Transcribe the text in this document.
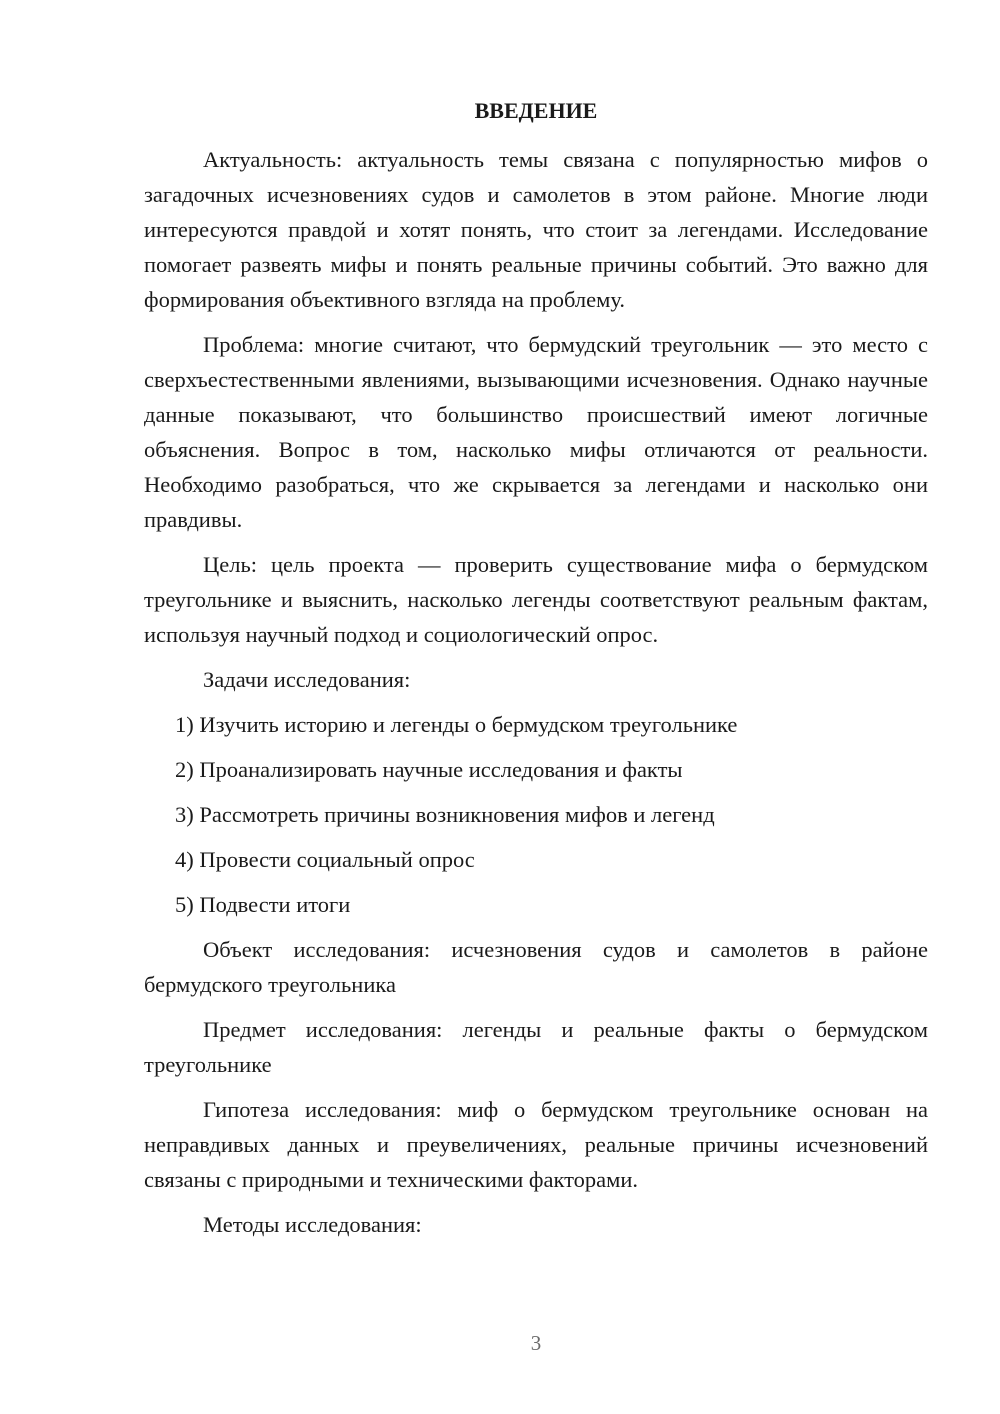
ВВЕДЕНИЕ

Актуальность: актуальность темы связана с популярностью мифов о загадочных исчезновениях судов и самолетов в этом районе. Многие люди интересуются правдой и хотят понять, что стоит за легендами. Исследование помогает развеять мифы и понять реальные причины событий. Это важно для формирования объективного взгляда на проблему.

Проблема: многие считают, что бермудский треугольник — это место с сверхъестественными явлениями, вызывающими исчезновения. Однако научные данные показывают, что большинство происшествий имеют логичные объяснения. Вопрос в том, насколько мифы отличаются от реальности. Необходимо разобраться, что же скрывается за легендами и насколько они правдивы.

Цель: цель проекта — проверить существование мифа о бермудском треугольнике и выяснить, насколько легенды соответствуют реальным фактам, используя научный подход и социологический опрос.

Задачи исследования:

1) Изучить историю и легенды о бермудском треугольнике
2) Проанализировать научные исследования и факты
3) Рассмотреть причины возникновения мифов и легенд
4) Провести социальный опрос
5) Подвести итоги

Объект исследования: исчезновения судов и самолетов в районе бермудского треугольника

Предмет исследования: легенды и реальные факты о бермудском треугольнике

Гипотеза исследования: миф о бермудском треугольнике основан на неправдивых данных и преувеличениях, реальные причины исчезновений связаны с природными и техническими факторами.

Методы исследования:

3
